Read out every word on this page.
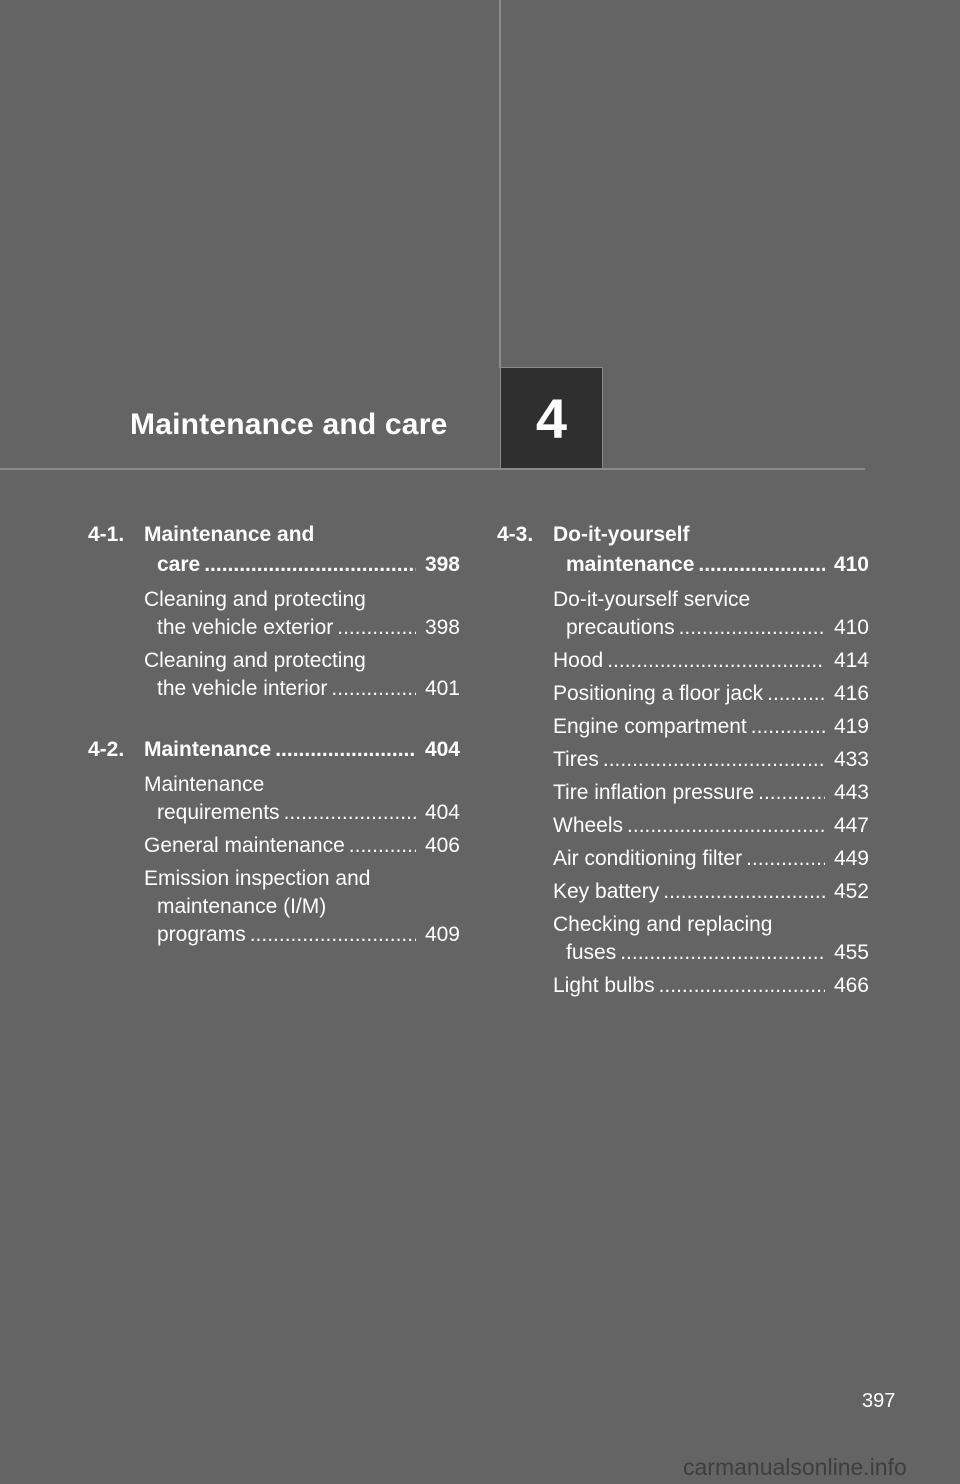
Maintenance and care	4
4-1. Maintenance and
care .....	398
Cleaning and protecting
the vehicle exterior .....	398
Cleaning and protecting
the vehicle interior .....	401
4-2. Maintenance .....	404
Maintenance
requirements .....	404
General maintenance .....	406
Emission inspection and
maintenance (I/M)
programs .....	409
4-3. Do-it-yourself
maintenance .....	410
Do-it-yourself service
precautions .....	410
Hood .....	414
Positioning a floor jack .....	416
Engine compartment .....	419
Tires .....	433
Tire inflation pressure .....	443
Wheels .....	447
Air conditioning filter .....	449
Key battery .....	452
Checking and replacing
fuses .....	455
Light bulbs .....	466
397
carmanualsonline.info
